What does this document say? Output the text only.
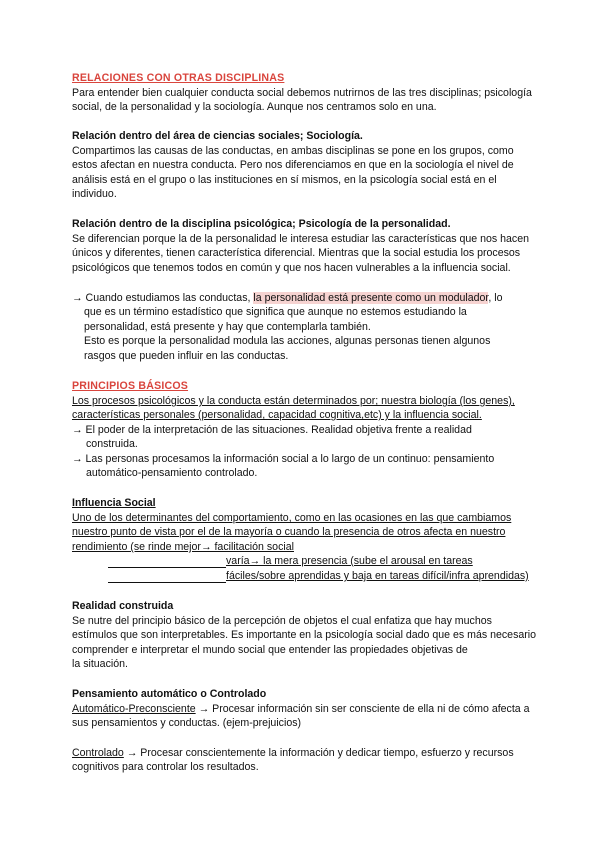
RELACIONES CON OTRAS DISCIPLINAS
Para entender bien cualquier conducta social debemos nutrirnos de las tres disciplinas; psicología
social, de la personalidad y la sociología. Aunque nos centramos solo en una.
Relación dentro del área de ciencias sociales; Sociología.
Compartimos las causas de las conductas, en ambas disciplinas se pone en los grupos, como
estos afectan en nuestra conducta. Pero nos diferenciamos en que en la sociología el nivel de
análisis está en el grupo o las instituciones en sí mismos, en la psicología social está en el
individuo.
Relación dentro de la disciplina psicológica; Psicología de la personalidad.
Se diferencian porque la de la personalidad le interesa estudiar las características que nos hacen
únicos y diferentes, tienen característica diferencial. Mientras que la social estudia los procesos
psicológicos que tenemos todos en común y que nos hacen vulnerables a la influencia social.
→ Cuando estudiamos las conductas, la personalidad está presente como un modulador, lo
que es un término estadístico que significa que aunque no estemos estudiando la
personalidad, está presente y hay que contemplarla también.
Esto es porque la personalidad modula las acciones, algunas personas tienen algunos
rasgos que pueden influir en las conductas.
PRINCIPIOS BÁSICOS
Los procesos psicológicos y la conducta están determinados por; nuestra biología (los genes),
características personales (personalidad, capacidad cognitiva,etc) y la influencia social.
→ El poder de la interpretación de las situaciones. Realidad objetiva frente a realidad
construida.
→ Las personas procesamos la información social a lo largo de un continuo: pensamiento
automático-pensamiento controlado.
Influencia Social
Uno de los determinantes del comportamiento, como en las ocasiones en las que cambiamos
nuestro punto de vista por el de la mayoría o cuando la presencia de otros afecta en nuestro
rendimiento (se rinde mejor→ facilitación social
varía→ la mera presencia (sube el arousal en tareas
fáciles/sobre aprendidas y baja en tareas difícil/infra aprendidas)
Realidad construida
Se nutre del principio básico de la percepción de objetos el cual enfatiza que hay muchos
estímulos que son interpretables. Es importante en la psicología social dado que es más necesario
comprender e interpretar el mundo social que entender las propiedades objetivas de
la situación.
Pensamiento automático o Controlado
Automático-Preconsciente → Procesar información sin ser consciente de ella ni de cómo afecta a
sus pensamientos y conductas. (ejem-prejuicios)
Controlado → Procesar conscientemente la información y dedicar tiempo, esfuerzo y recursos
cognitivos para controlar los resultados.
